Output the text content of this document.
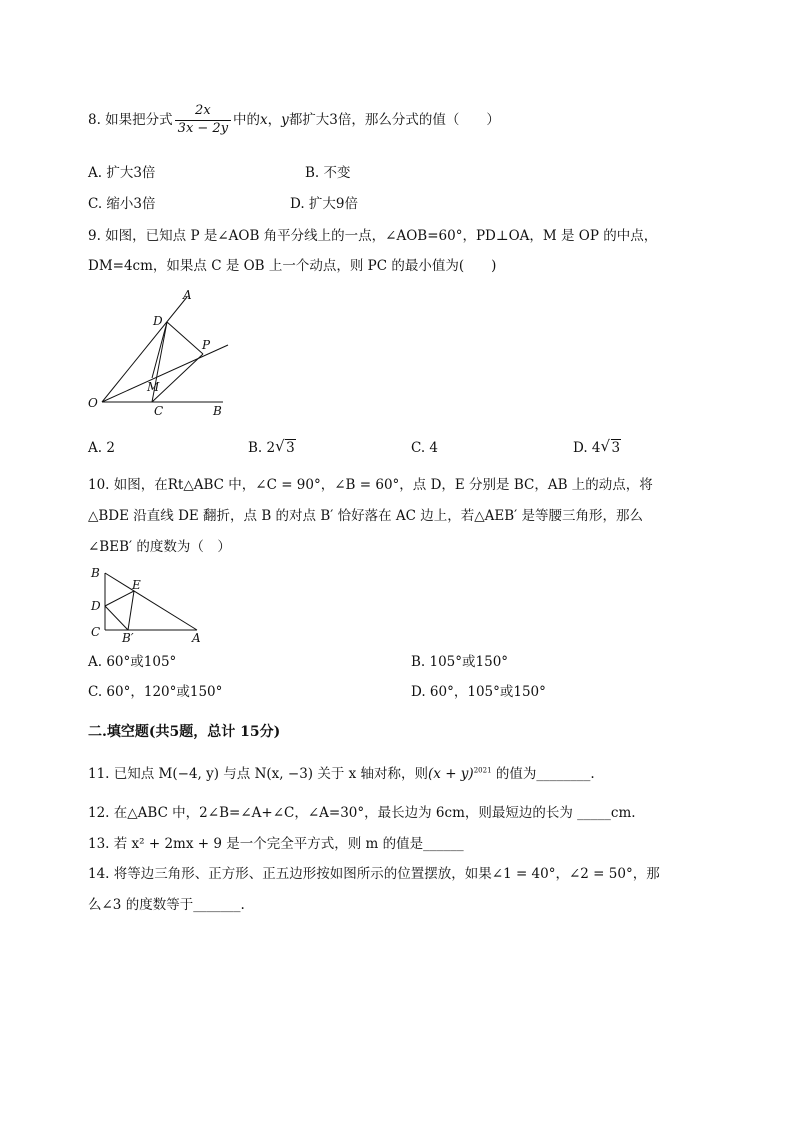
8. 如果把分式 $\frac{2x}{3x - 2y}$ 中的x，y都扩大3倍，那么分式的值（　　）
A. 扩大3倍	B. 不变
C. 缩小3倍	D. 扩大9倍
9. 如图，已知点 P 是∠AOB 角平分线上的一点，∠AOB=60°，PD⊥OA，M 是 OP 的中点，
DM=4cm，如果点 C 是 OB 上一个动点，则 PC 的最小值为(　　)
A
D
P
M
O
C	B
A. 2	B. 2 √ 3	C. 4	D. 4 √ 3
10. 如图，在Rt△ABC 中，∠C = 90°，∠B = 60°，点 D，E 分别是 BC，AB 上的动点，将
△BDE 沿直线 DE 翻折，点 B 的对点 B′ 恰好落在 AC 边上，若△AEB′ 是等腰三角形，那么
∠BEB′ 的度数为（　）
B
E
D
C B′	A
A. 60°或105°	B. 105°或150°
C. 60°，120°或150°	D. 60°，105°或150°
二.填空题(共5题，总计 15分)
11. 已知点 M(−4, y) 与点 N(x, −3) 关于 x 轴对称，则$(x + y)^{2021}$ 的值为________.
12. 在△ABC 中，2∠B=∠A+∠C，∠A=30°，最长边为 6cm，则最短边的长为 _____cm.
13. 若 x² + 2mx + 9 是一个完全平方式，则 m 的值是______
14. 将等边三角形、正方形、正五边形按如图所示的位置摆放，如果∠1 = 40°，∠2 = 50°，那
么∠3 的度数等于_______.
